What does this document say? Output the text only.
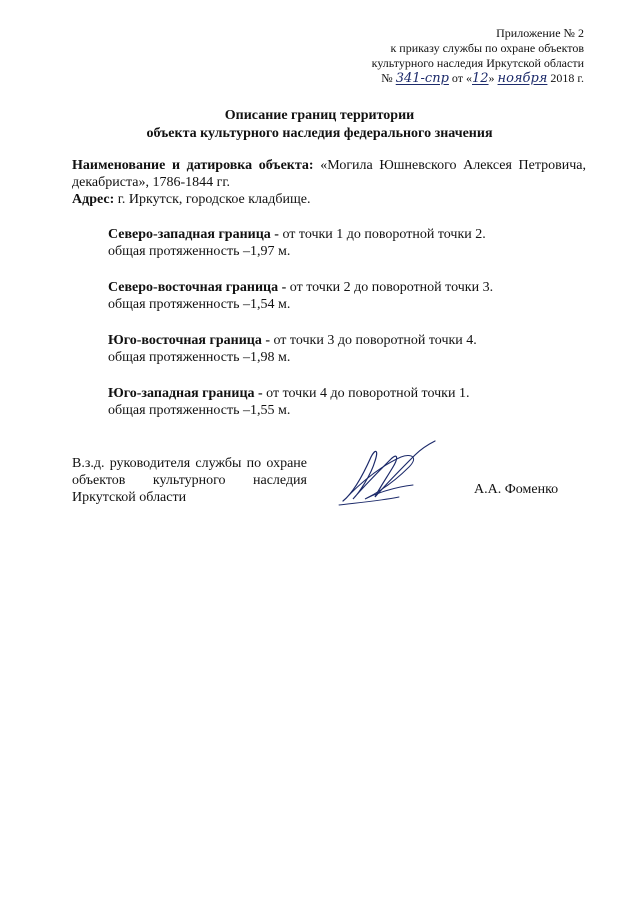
Приложение № 2
к приказу службы по охране объектов
культурного наследия Иркутской области
№ 341-спр от «12» ноября 2018 г.
Описание границ территории
объекта культурного наследия федерального значения
Наименование и датировка объекта: «Могила Юшневского Алексея Петровича, декабриста», 1786-1844 гг.
Адрес: г. Иркутск, городское кладбище.
Северо-западная граница - от точки 1 до поворотной точки 2.
общая протяженность –1,97 м.
Северо-восточная граница - от точки 2 до поворотной точки 3.
общая протяженность –1,54 м.
Юго-восточная граница - от точки 3 до поворотной точки 4.
общая протяженность –1,98 м.
Юго-западная граница - от точки 4 до поворотной точки 1.
общая протяженность –1,55 м.
В.з.д. руководителя службы по охране объектов культурного наследия Иркутской области
А.А. Фоменко
